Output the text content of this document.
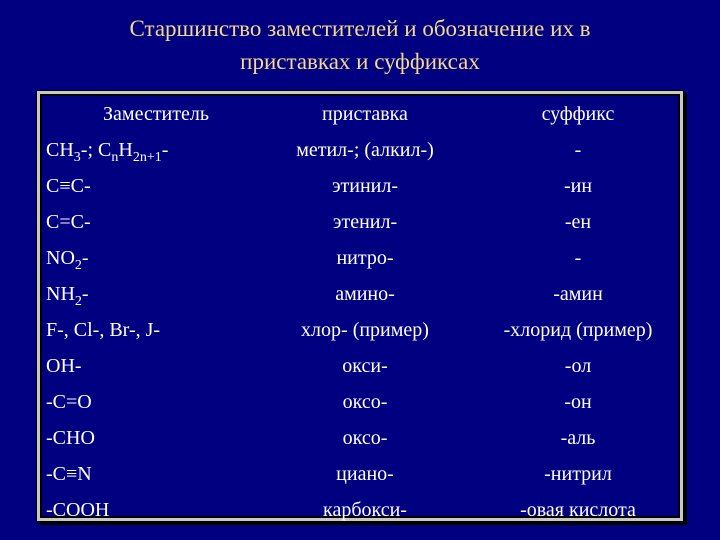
Старшинство заместителей и обозначение их в
приставках и суффиксах
Заместитель	приставка	суффикс
$CH_3-$; $C_nH_{2n+1}-$	метил-; (алкил-)	-
C≡C-	этинил-	-ин
C=C-	этенил-	-ен
$NO_2-$	нитро-	-
$NH_2-$	амино-	-амин
F-, Cl-, Br-, J-	хлор- (пример)	-хлорид (пример)
OH-	окси-	-ол
-C=O	оксо-	-он
-CHO	оксо-	-аль
-C≡N	циано-	-нитрил
-COOH	карбокси-	-овая кислота
